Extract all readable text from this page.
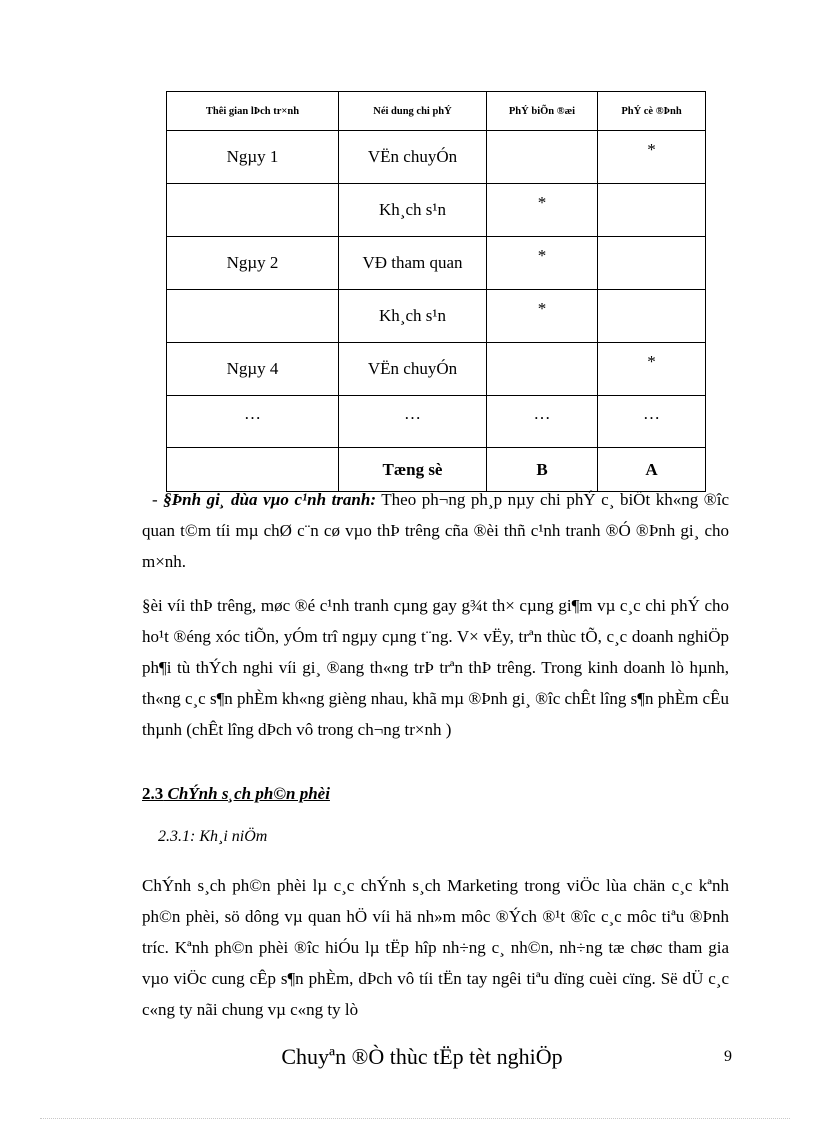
Thêi gian lÞch tr×nh	Néi dung chi phÝ	PhÝ biÕn ®æi	PhÝ cè ®Þnh
Ngµy 1	VËn chuyÓn		*
	Kh¸ch s¹n	*	
Ngµy 2	VÐ tham quan	*	
	Kh¸ch s¹n	*	
Ngµy 4	VËn chuyÓn		*
…	…	…	…
	Tæng sè	B	A
- §Þnh gi¸ dùa vµo c¹nh tranh: Theo ph¬ng ph¸p nµy chi phÝ c¸ biÖt kh«ng ®îc quan t©m tíi mµ chØ c¨n cø vµo thÞ trêng cña ®èi thñ c¹nh tranh ®Ó ®Þnh gi¸ cho m×nh.
§èi víi thÞ trêng, møc ®é c¹nh tranh cµng gay g¾t th× cµng gi¶m vµ c¸c chi phÝ cho ho¹t ®éng xóc tiÕn, yÓm trî ngµy cµng t¨ng. V× vËy, trªn thùc tÕ, c¸c doanh nghiÖp ph¶i tù thÝch nghi víi gi¸ ®ang th«ng trÞ trªn thÞ trêng. Trong kinh doanh lò hµnh, th«ng c¸c s¶n phÈm kh«ng gièng nhau, khã mµ ®Þnh gi¸ ®îc chÊt lîng s¶n phÈm cÊu thµnh (chÊt lîng dÞch vô trong ch¬ng tr×nh )
2.3 ChÝnh s¸ch ph©n phèi
2.3.1: Kh¸i niÖm
ChÝnh s¸ch ph©n phèi lµ c¸c chÝnh s¸ch Marketing trong viÖc lùa chän c¸c kªnh ph©n phèi, sö dông vµ quan hÖ víi hä nh»m môc ®Ých ®¹t ®îc c¸c môc tiªu ®Þnh tríc. Kªnh ph©n phèi ®îc hiÓu lµ tËp hîp nh÷ng c¸ nh©n, nh÷ng tæ chøc tham gia vµo viÖc cung cÊp s¶n phÈm, dÞch vô tíi tËn tay ngêi tiªu dïng cuèi cïng. Së dÜ c¸c c«ng ty nãi chung vµ c«ng ty lò
Chuyªn ®Ò thùc tËp tèt nghiÖp	9
